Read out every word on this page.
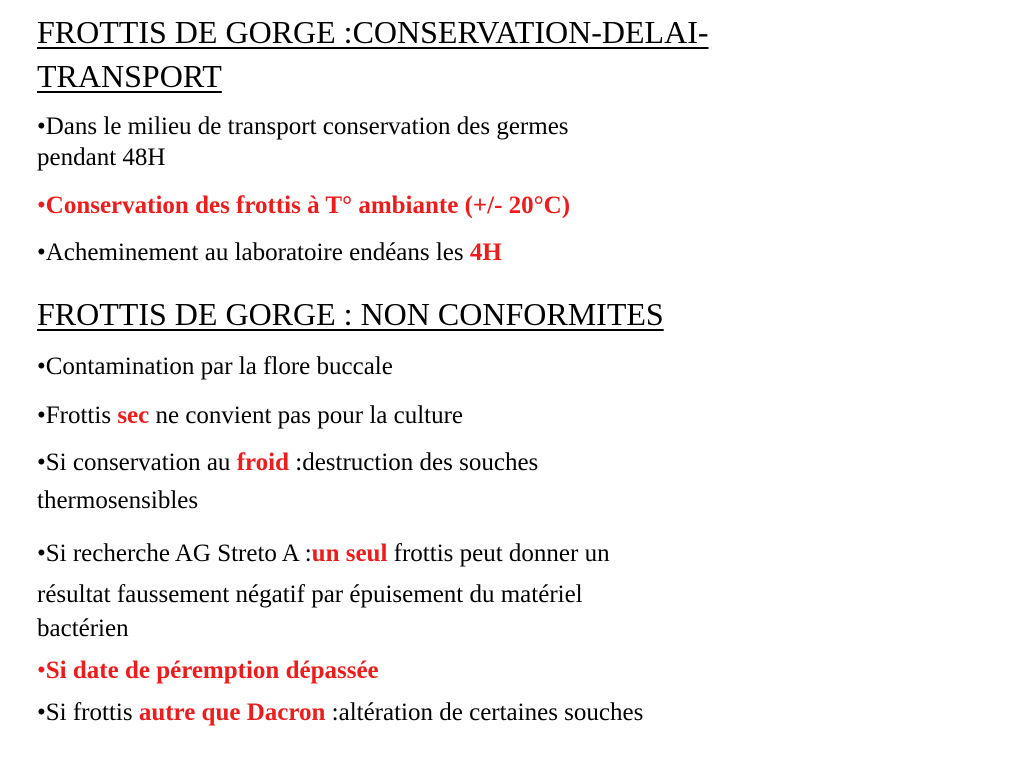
FROTTIS DE GORGE :CONSERVATION-DELAI-
TRANSPORT

•Dans le milieu de transport conservation des germes

pendant 48H

•Conservation des frottis à T° ambiante (+/- 20°C)

•Acheminement au laboratoire endéans les 4H

FROTTIS DE GORGE : NON CONFORMITES

•Contamination par la flore buccale

•Frottis sec ne convient pas pour la culture

•Si conservation au froid :destruction des souches

thermosensibles

•Si recherche AG Streto A :un seul frottis peut donner un

résultat faussement négatif par épuisement du matériel

bactérien

•Si date de péremption dépassée

•Si frottis autre que Dacron :altération de certaines souches
